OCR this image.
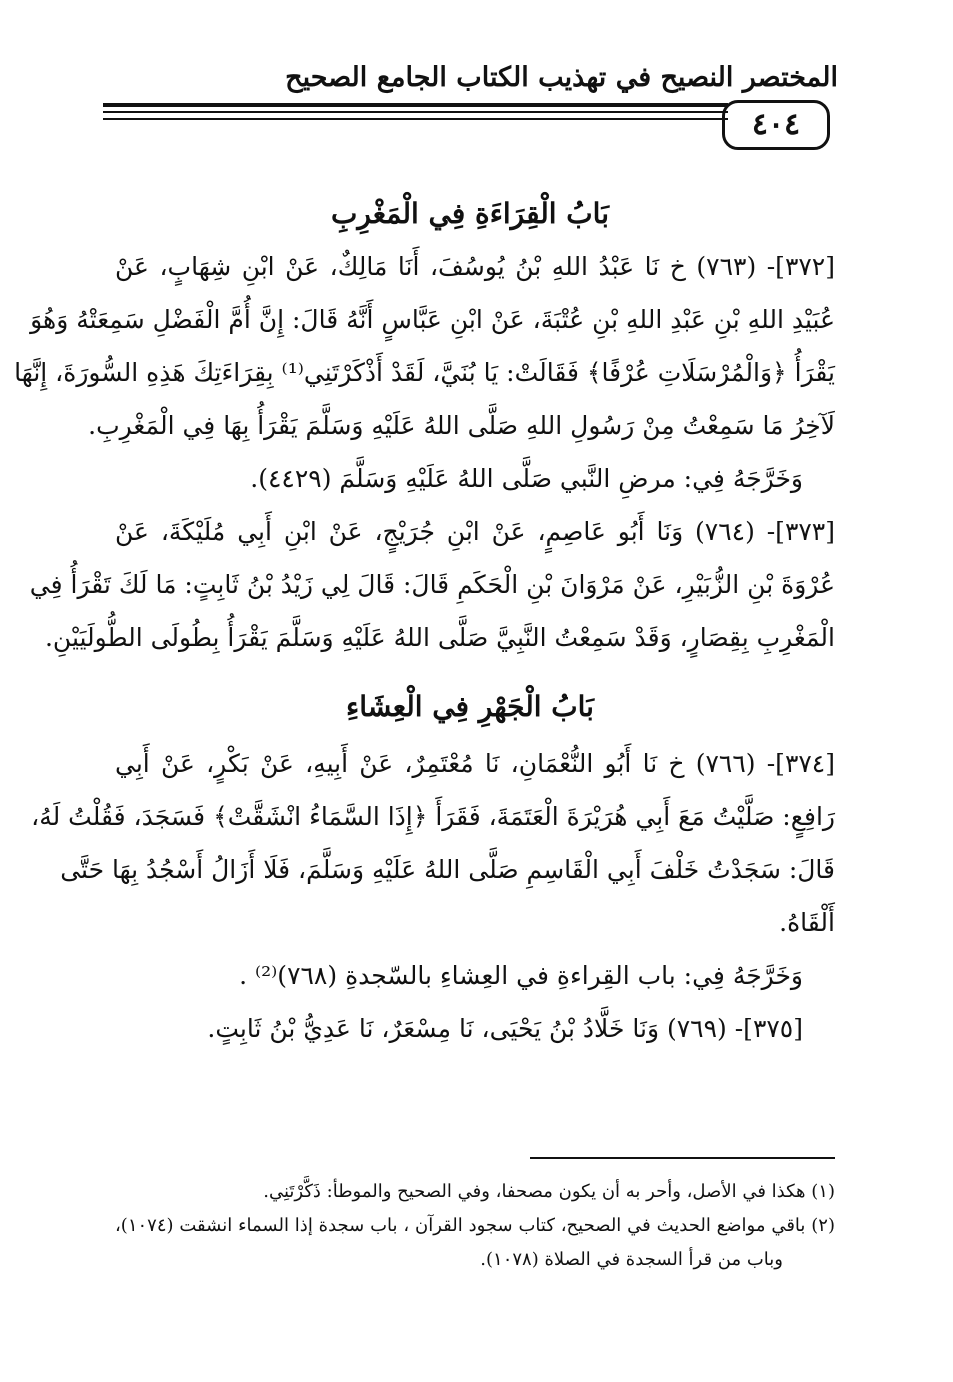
المختصر النصيح في تهذيب الكتاب الجامع الصحيح
٤٠٤
بَابُ الْقِرَاءَةِ فِي الْمَغْرِبِ
[٣٧٢]- (٧٦٣) خ نَا عَبْدُ اللهِ بْنُ يُوسُفَ، أَنَا مَالِكٌ، عَنْ ابْنِ شِهَابٍ، عَنْ
عُبَيْدِ اللهِ بْنِ عَبْدِ اللهِ بْنِ عُتْبَةَ، عَنْ ابْنِ عَبَّاسٍ أَنَّهُ قَالَ: إِنَّ أُمَّ الْفَضْلِ سَمِعَتْهُ وَهُوَ
يَقْرَأُ ﴿وَالْمُرْسَلَاتِ عُرْفًا﴾ فَقَالَتْ: يَا بُنَيَّ، لَقَدْ أَذْكَرْتَنِي⁽¹⁾ بِقِرَاءَتِكَ هَذِهِ السُّورَةَ، إِنَّهَا
لَآخِرُ مَا سَمِعْتُ مِنْ رَسُولِ اللهِ صَلَّى اللهُ عَلَيْهِ وَسَلَّمَ يَقْرَأُ بِهَا فِي الْمَغْرِبِ.
وَخَرَّجَهُ فِي: مرضِ النَّبي صَلَّى اللهُ عَلَيْهِ وَسَلَّمَ (٤٤٢٩).
[٣٧٣]- (٧٦٤) وَنَا أَبُو عَاصِمٍ، عَنْ ابْنِ جُرَيْجٍ، عَنْ ابْنِ أَبِي مُلَيْكَةَ، عَنْ
عُرْوَةَ بْنِ الزُّبَيْرِ، عَنْ مَرْوَانَ بْنِ الْحَكَمِ قَالَ: قَالَ لِي زَيْدُ بْنُ ثَابِتٍ: مَا لَكَ تَقْرَأُ فِي
الْمَغْرِبِ بِقِصَارٍ، وَقَدْ سَمِعْتُ النَّبِيَّ صَلَّى اللهُ عَلَيْهِ وَسَلَّمَ يَقْرَأُ بِطُولَى الطُّولَيَيْنِ.
بَابُ الْجَهْرِ فِي الْعِشَاءِ
[٣٧٤]- (٧٦٦) خ نَا أَبُو النُّعْمَانِ، نَا مُعْتَمِرٌ، عَنْ أَبِيهِ، عَنْ بَكْرٍ، عَنْ أَبِي
رَافِعٍ: صَلَّيْتُ مَعَ أَبِي هُرَيْرَةَ الْعَتَمَةَ، فَقَرَأَ ﴿إِذَا السَّمَاءُ انْشَقَّتْ﴾ فَسَجَدَ، فَقُلْتُ لَهُ،
قَالَ: سَجَدْتُ خَلْفَ أَبِي الْقَاسِمِ صَلَّى اللهُ عَلَيْهِ وَسَلَّمَ، فَلَا أَزَالُ أَسْجُدُ بِهَا حَتَّى
أَلْقَاهُ.
وَخَرَّجَهُ فِي: باب القِراءةِ في العِشاءِ بالسّجدةِ (٧٦٨)⁽²⁾ .
[٣٧٥]- (٧٦٩) وَنَا خَلَّادُ بْنُ يَحْيَى، نَا مِسْعَرٌ، نَا عَدِيُّ بْنُ ثَابِتٍ.
(١) هكذا في الأصل، وأحر به أن يكون مصحفا، وفي الصحيح والموطأ: ذَكَّرْتَنِي.
(٢) باقي مواضع الحديث في الصحيح، كتاب سجود القرآن ، باب سجدة إذا السماء انشقت (١٠٧٤)،
وباب من قرأ السجدة في الصلاة (١٠٧٨).
